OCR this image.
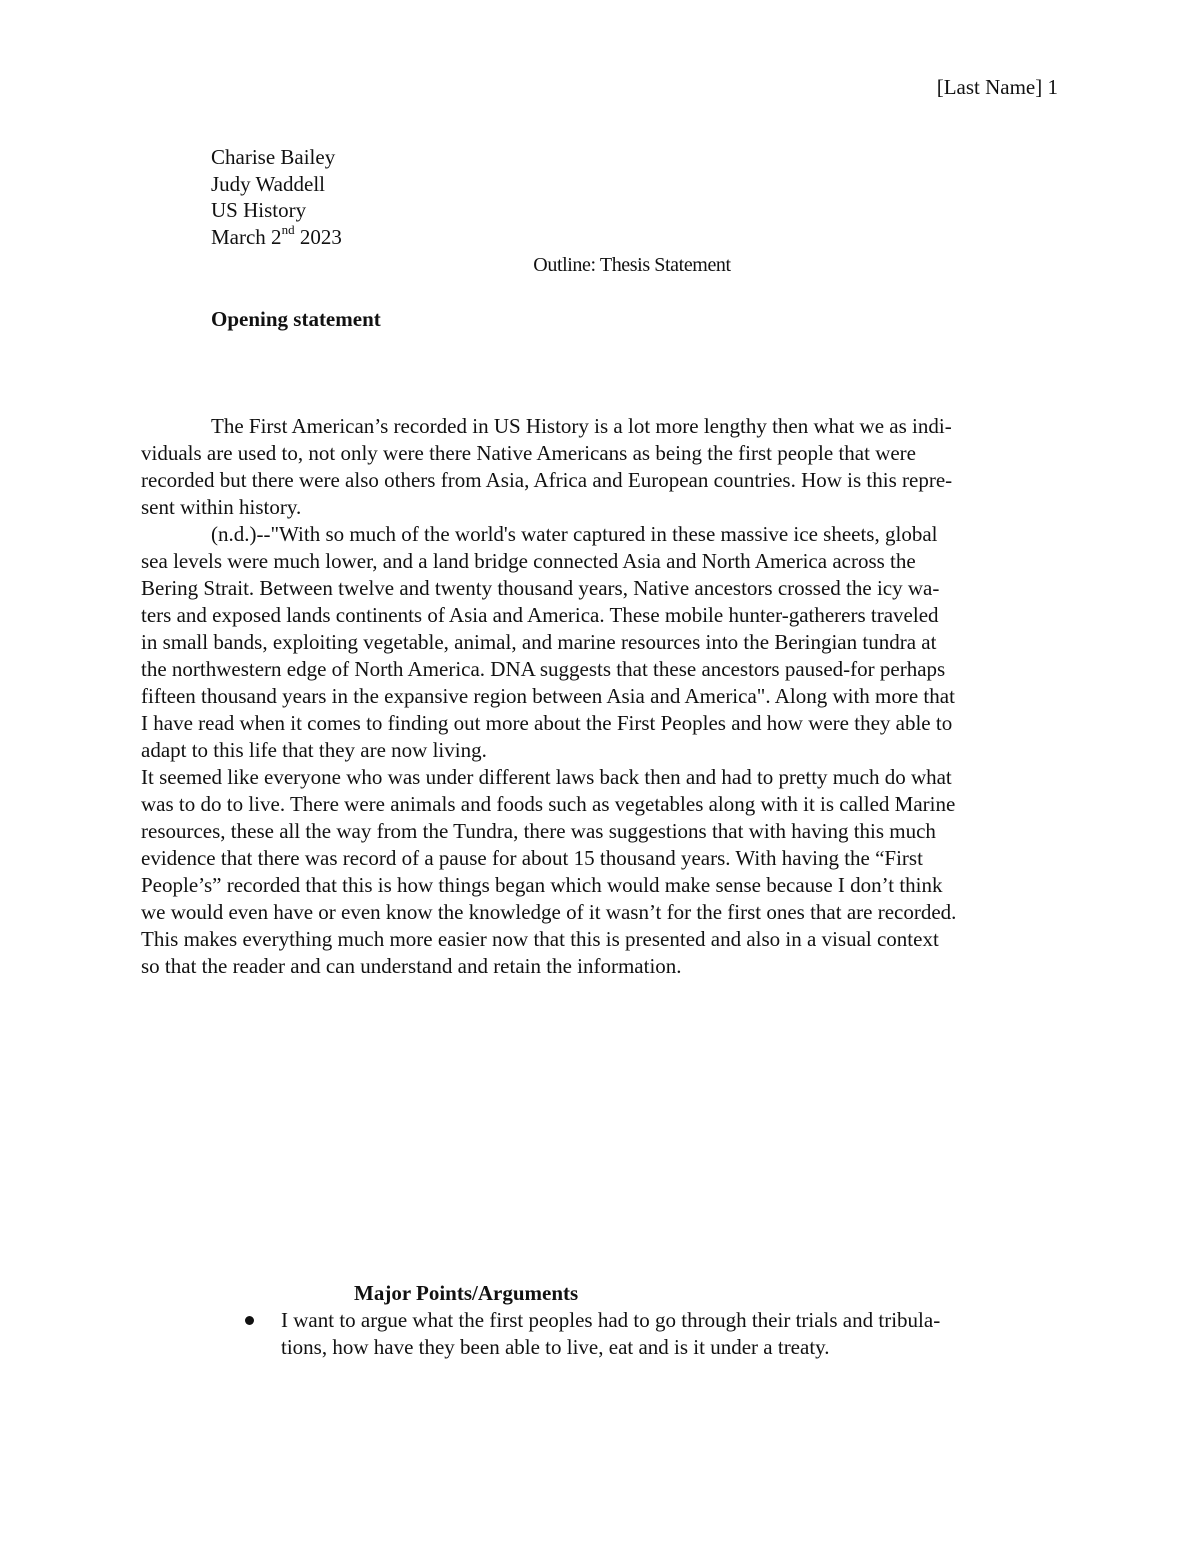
[Last Name] 1
Charise Bailey
Judy Waddell
US History
March 2nd 2023
Outline: Thesis Statement
Opening statement
The First American’s recorded in US History is a lot more lengthy then what we as indi-
viduals are used to, not only were there Native Americans as being the first people that were
recorded but there were also others from Asia, Africa and European countries. How is this repre-
sent within history.
(n.d.)--"With so much of the world's water captured in these massive ice sheets, global
sea levels were much lower, and a land bridge connected Asia and North America across the
Bering Strait. Between twelve and twenty thousand years, Native ancestors crossed the icy wa-
ters and exposed lands continents of Asia and America. These mobile hunter-gatherers traveled
in small bands, exploiting vegetable, animal, and marine resources into the Beringian tundra at
the northwestern edge of North America. DNA suggests that these ancestors paused-for perhaps
fifteen thousand years in the expansive region between Asia and America". Along with more that
I have read when it comes to finding out more about the First Peoples and how were they able to
adapt to this life that they are now living.
It seemed like everyone who was under different laws back then and had to pretty much do what
was to do to live. There were animals and foods such as vegetables along with it is called Marine
resources, these all the way from the Tundra, there was suggestions that with having this much
evidence that there was record of a pause for about 15 thousand years. With having the “First
People’s” recorded that this is how things began which would make sense because I don’t think
we would even have or even know the knowledge of it wasn’t for the first ones that are recorded.
This makes everything much more easier now that this is presented and also in a visual context
so that the reader and can understand and retain the information.
Major Points/Arguments
I want to argue what the first peoples had to go through their trials and tribula-
tions, how have they been able to live, eat and is it under a treaty.
